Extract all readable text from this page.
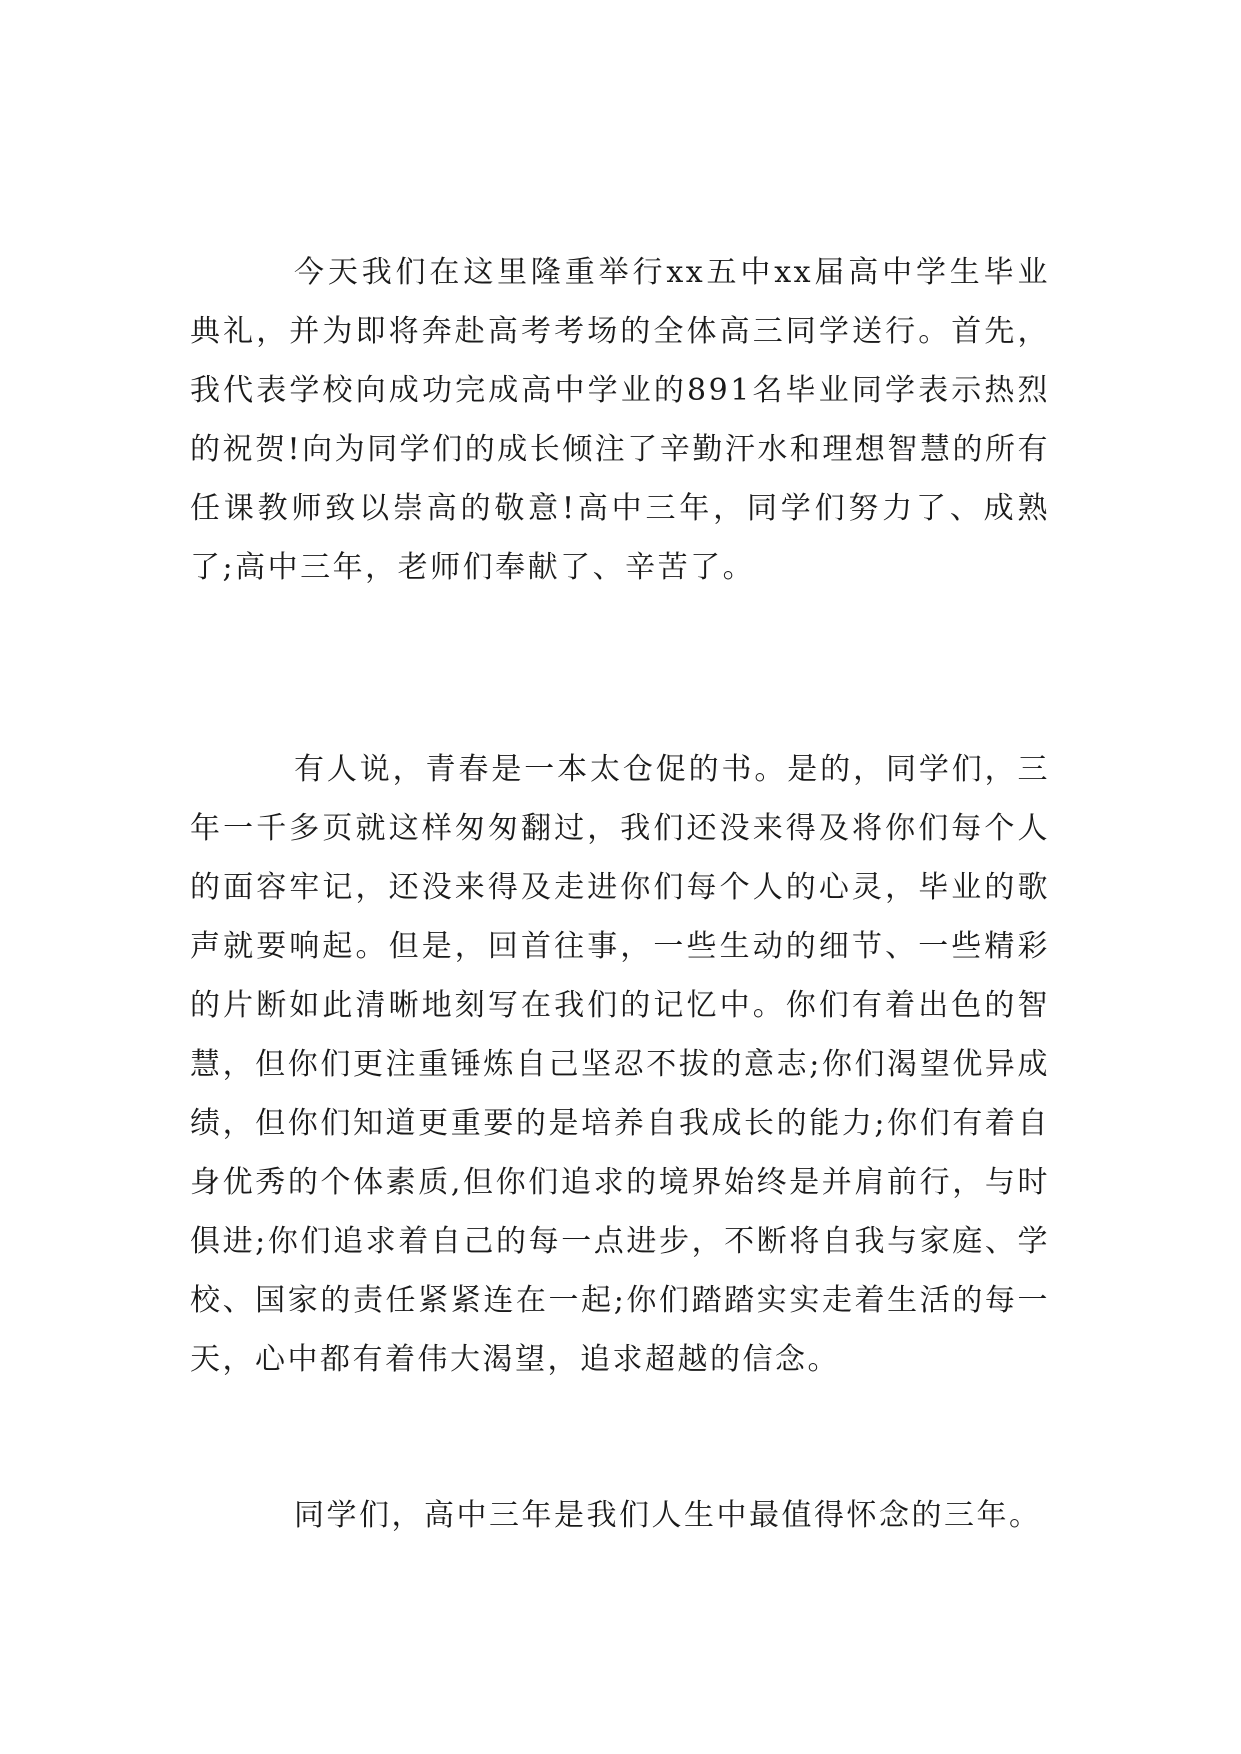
今天我们在这里隆重举行xx五中xx届高中学生毕业典礼，并为即将奔赴高考考场的全体高三同学送行。首先，我代表学校向成功完成高中学业的891名毕业同学表示热烈的祝贺!向为同学们的成长倾注了辛勤汗水和理想智慧的所有任课教师致以崇高的敬意!高中三年，同学们努力了、成熟了;高中三年，老师们奉献了、辛苦了。

有人说，青春是一本太仓促的书。是的，同学们，三年一千多页就这样匆匆翻过，我们还没来得及将你们每个人的面容牢记，还没来得及走进你们每个人的心灵，毕业的歌声就要响起。但是，回首往事，一些生动的细节、一些精彩的片断如此清晰地刻写在我们的记忆中。你们有着出色的智慧，但你们更注重锤炼自己坚忍不拔的意志;你们渴望优异成绩，但你们知道更重要的是培养自我成长的能力;你们有着自身优秀的个体素质,但你们追求的境界始终是并肩前行，与时俱进;你们追求着自己的每一点进步，不断将自我与家庭、学校、国家的责任紧紧连在一起;你们踏踏实实走着生活的每一天，心中都有着伟大渴望，追求超越的信念。

同学们，高中三年是我们人生中最值得怀念的三年。
